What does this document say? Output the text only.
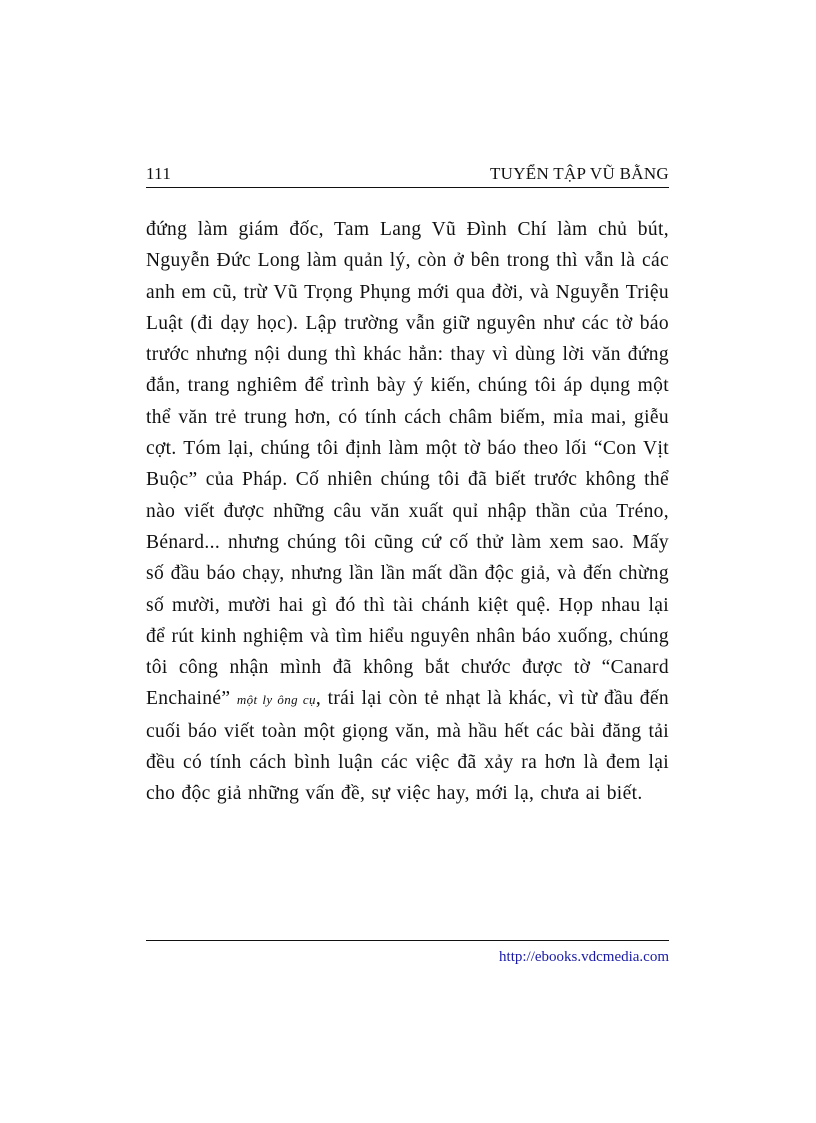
111	TUYỂN TẬP VŨ BẰNG
đứng làm giám đốc, Tam Lang Vũ Đình Chí làm chủ bút, Nguyễn Đức Long làm quản lý, còn ở bên trong thì vẫn là các anh em cũ, trừ Vũ Trọng Phụng mới qua đời, và Nguyễn Triệu Luật (đi dạy học). Lập trường vẫn giữ nguyên như các tờ báo trước nhưng nội dung thì khác hẳn: thay vì dùng lời văn đứng đắn, trang nghiêm để trình bày ý kiến, chúng tôi áp dụng một thể văn trẻ trung hơn, có tính cách châm biếm, mỉa mai, giễu cợt. Tóm lại, chúng tôi định làm một tờ báo theo lối “Con Vịt Buộc” của Pháp. Cố nhiên chúng tôi đã biết trước không thể nào viết được những câu văn xuất quỉ nhập thần của Tréno, Bénard... nhưng chúng tôi cũng cứ cố thử làm xem sao. Mấy số đầu báo chạy, nhưng lần lần mất dần độc giả, và đến chừng số mười, mười hai gì đó thì tài chánh kiệt quệ. Họp nhau lại để rút kinh nghiệm và tìm hiểu nguyên nhân báo xuống, chúng tôi công nhận mình đã không bắt chước được tờ “Canard Enchainé” một ly ông cụ, trái lại còn tẻ nhạt là khác, vì từ đầu đến cuối báo viết toàn một giọng văn, mà hầu hết các bài đăng tải đều có tính cách bình luận các việc đã xảy ra hơn là đem lại cho độc giả những vấn đề, sự việc hay, mới lạ, chưa ai biết.
http://ebooks.vdcmedia.com
